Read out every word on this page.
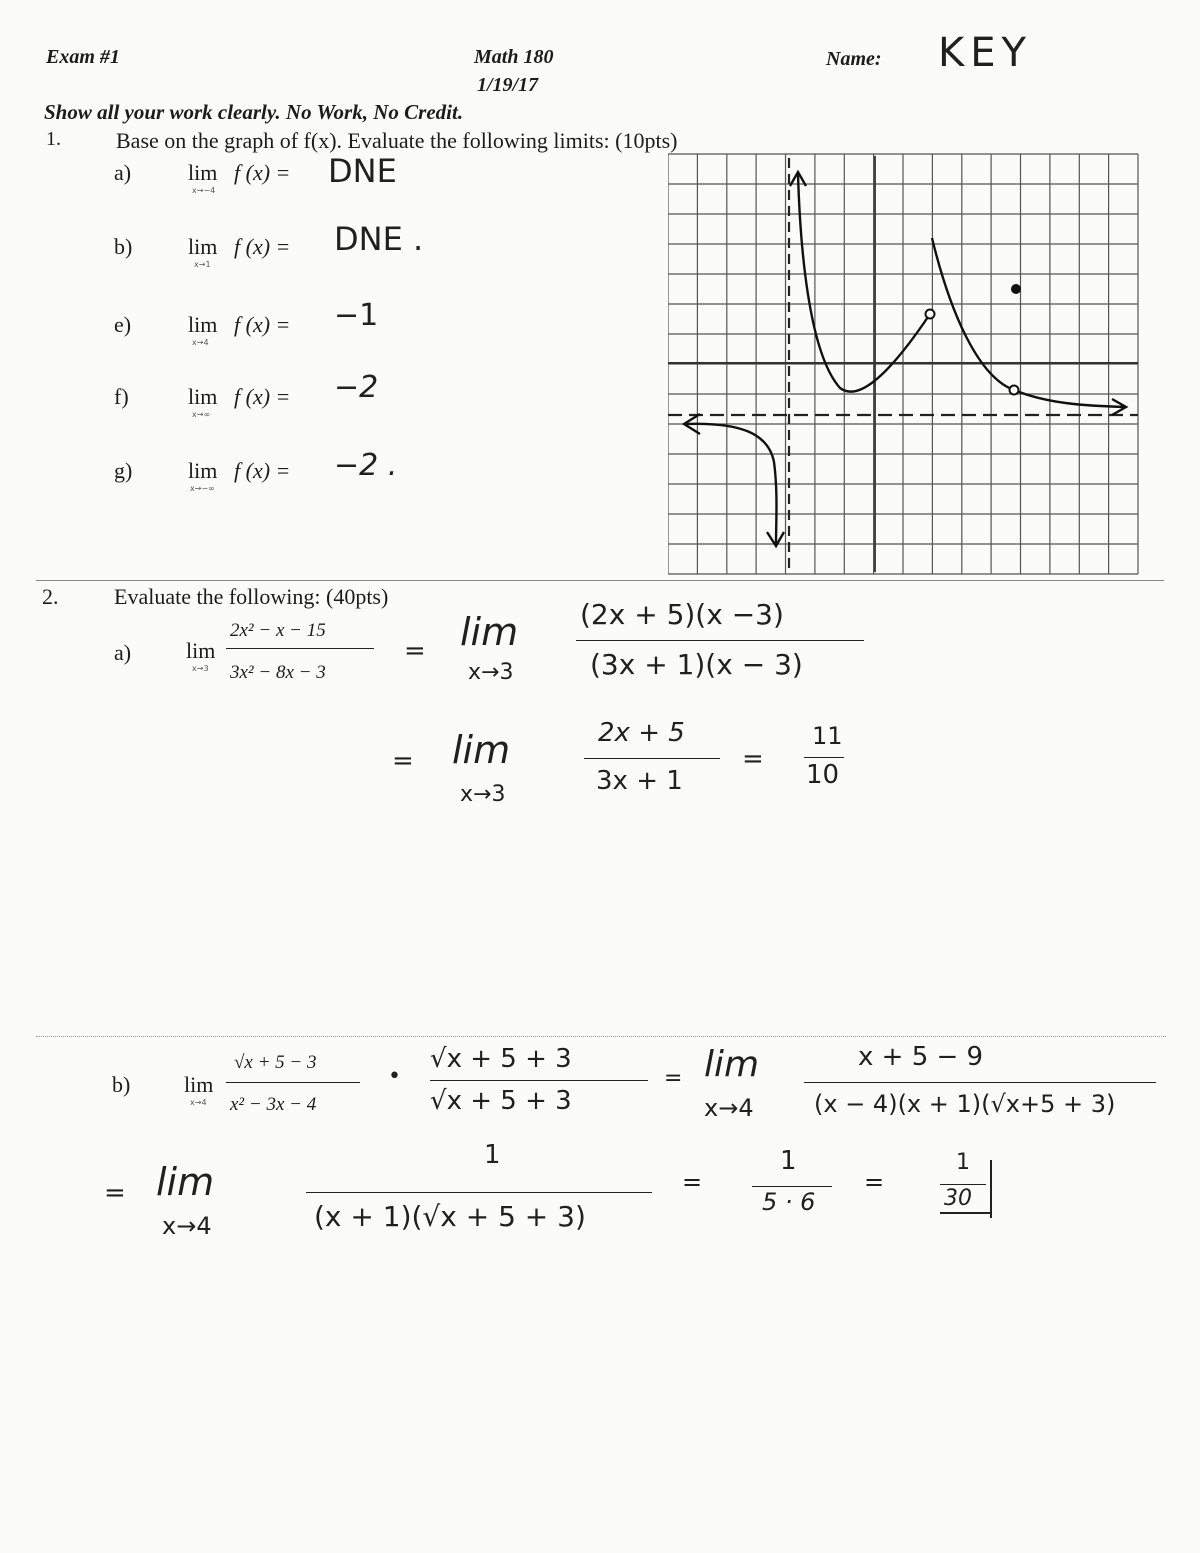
Exam #1	Math 180
1/19/17
Name: KEY
Show all your work clearly. No Work, No Credit.
1.	Base on the graph of f(x). Evaluate the following limits: (10pts)
a)	lim
x→−4
f (x) = DNE
b)	lim
x→1
f (x) = DNE .
e)	lim
x→4
f (x) = −1
f)	lim
x→∞
f (x) = −2
g)	lim
x→−∞
f (x) = −2 .
2.	Evaluate the following: (40pts)
a) lim
x→3
2x² − x − 15
3x² − 8x − 3
= lim
x→3
(2x + 5)(x −3)
(3x + 1)(x − 3)
= lim
x→3
2x + 5
3x + 1
=
11
10
b) lim
x→4
√x + 5 − 3
x² − 3x − 4
•
√x + 5 + 3
√x + 5 + 3
= lim
x→4
x + 5 − 9
(x − 4)(x + 1)(√x+5 + 3)
= lim
x→4
1
(x + 1)(√x + 5 + 3)
=
1
5 · 6
=
1
30
